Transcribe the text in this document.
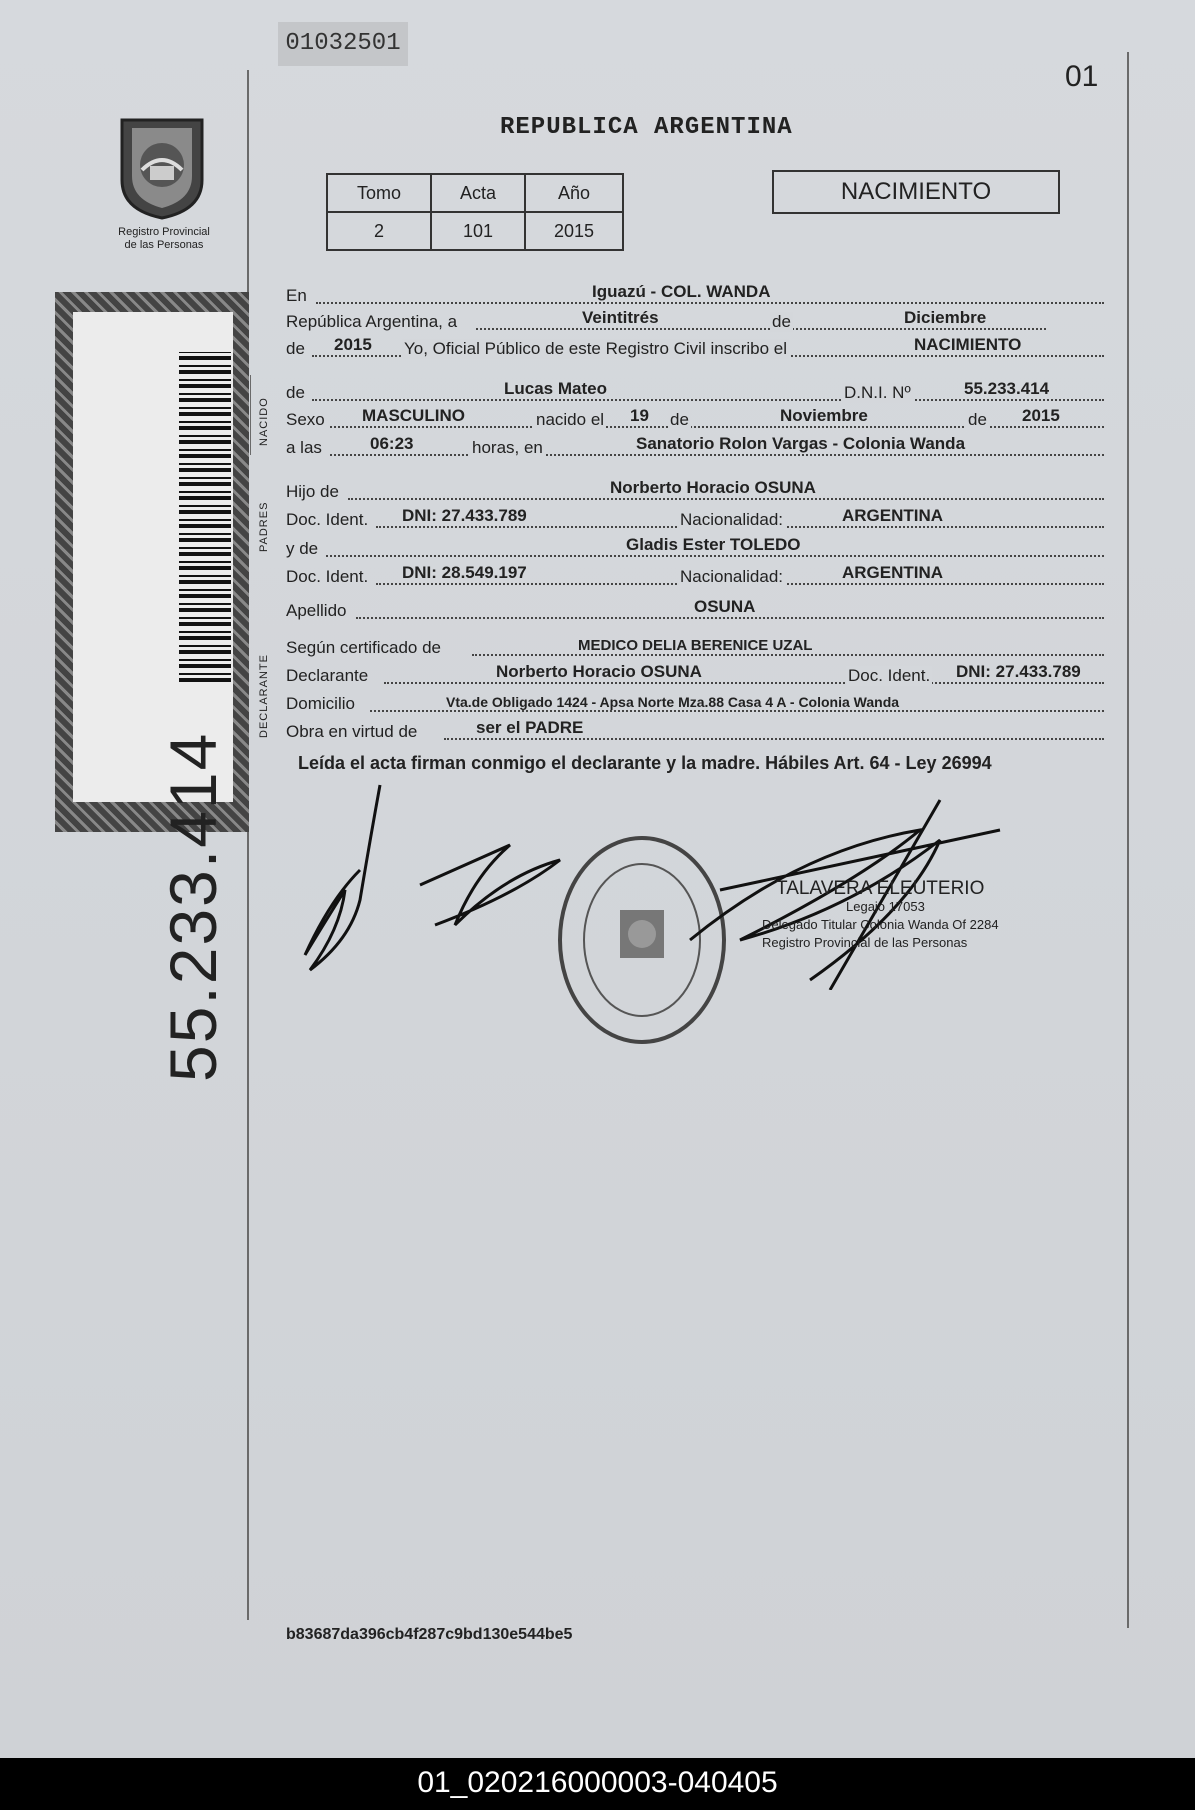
01032501
01
REPUBLICA ARGENTINA
Registro Provincial
de las Personas
Tomo	Acta	Año
2	101	2015
NACIMIENTO
55.233.414
NACIDO
PADRES
DECLARANTE
En	Iguazú - COL. WANDA
República Argentina, a	Veintitrés	de	Diciembre
de 2015 Yo, Oficial Público de este Registro Civil inscribo el	NACIMIENTO
de	Lucas Mateo	D.N.I. Nº	55.233.414
Sexo MASCULINO	nacido el 19 de	Noviembre	de 2015
a las	06:23	horas, en	Sanatorio Rolon Vargas - Colonia Wanda
Hijo de	Norberto Horacio OSUNA
Doc. Ident. DNI: 27.433.789	Nacionalidad:	ARGENTINA
y de	Gladis Ester TOLEDO
Doc. Ident. DNI: 28.549.197	Nacionalidad:	ARGENTINA
Apellido	OSUNA
Según certificado de	MEDICO DELIA BERENICE UZAL
Declarante	Norberto Horacio OSUNA	Doc. Ident. DNI: 27.433.789
Domicilio	Vta.de Obligado 1424 - Apsa Norte Mza.88 Casa 4 A - Colonia Wanda
Obra en virtud de	ser el PADRE
Leída el acta firman conmigo el declarante y la madre. Hábiles Art. 64 - Ley 26994
TALAVERA ELEUTERIO
Legajo 17053
Delegado Titular Colonia Wanda Of 2284
Registro Provincial de las Personas
b83687da396cb4f287c9bd130e544be5
01_020216000003-040405
